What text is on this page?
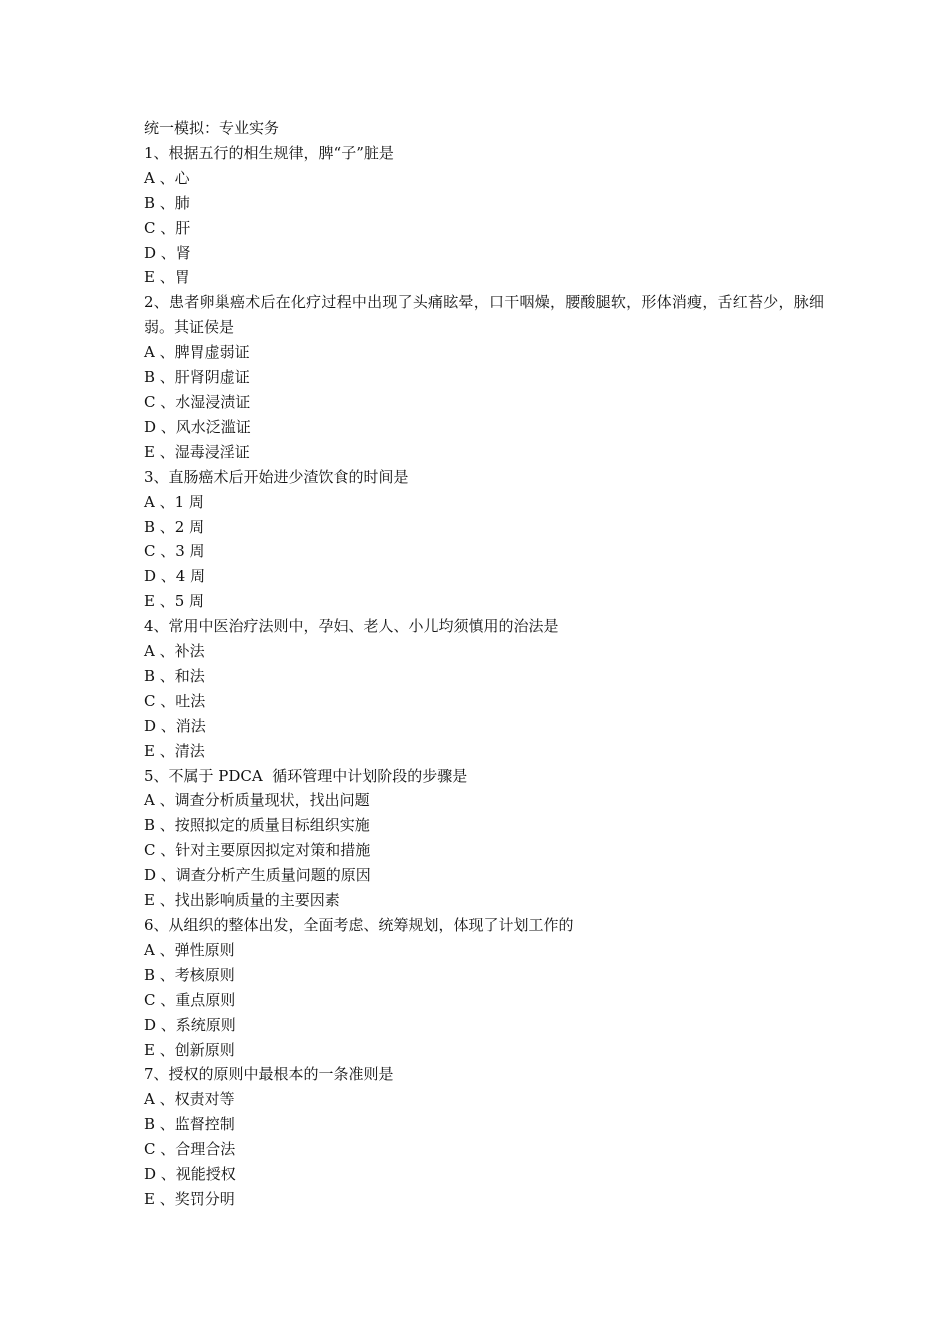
统一模拟：专业实务
1、根据五行的相生规律，脾“子”脏是
A 、心
B 、肺
C 、肝
D 、肾
E 、胃
2、患者卵巢癌术后在化疗过程中出现了头痛眩晕，口干咽燥，腰酸腿软，形体消瘦，舌红苔少，脉细弱。其证侯是
A 、脾胃虚弱证
B 、肝肾阴虚证
C 、水湿浸渍证
D 、风水泛滥证
E 、湿毒浸淫证
3、直肠癌术后开始进少渣饮食的时间是
A 、1 周
B 、2 周
C 、3 周
D 、4 周
E 、5 周
4、常用中医治疗法则中，孕妇、老人、小儿均须慎用的治法是
A 、补法
B 、和法
C 、吐法
D 、消法
E 、清法
5、不属于 PDCA  循环管理中计划阶段的步骤是
A 、调查分析质量现状，找出问题
B 、按照拟定的质量目标组织实施
C 、针对主要原因拟定对策和措施
D 、调查分析产生质量问题的原因
E 、找出影响质量的主要因素
6、从组织的整体出发，全面考虑、统筹规划，体现了计划工作的
A 、弹性原则
B 、考核原则
C 、重点原则
D 、系统原则
E 、创新原则
7、授权的原则中最根本的一条准则是
A 、权责对等
B 、监督控制
C 、合理合法
D 、视能授权
E 、奖罚分明
